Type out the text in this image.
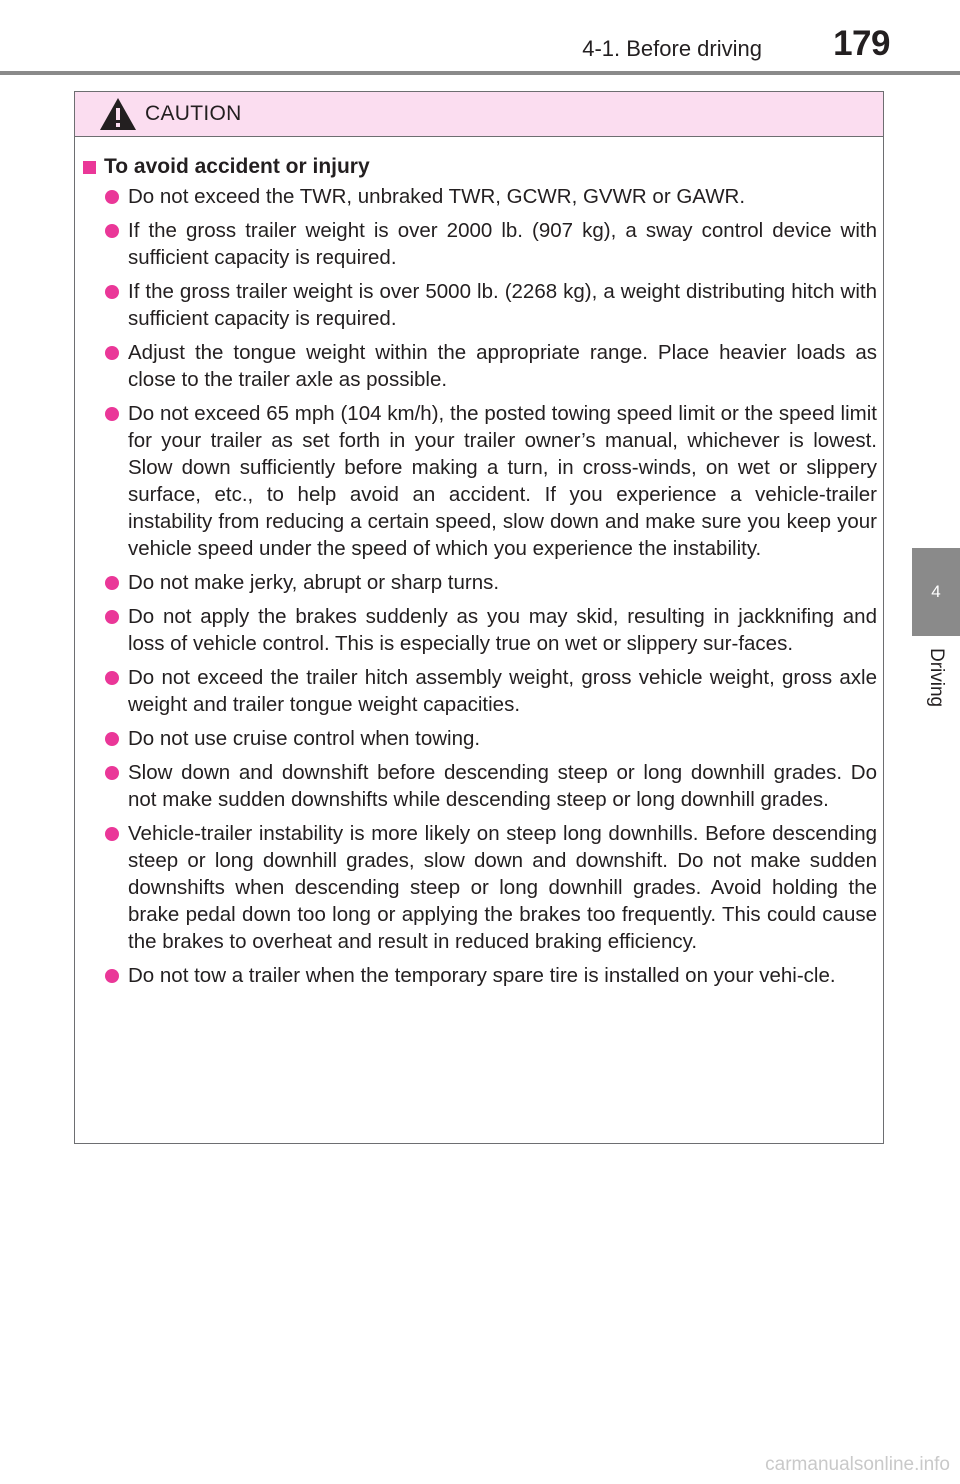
4-1. Before driving 179
4
Driving
CAUTION
To avoid accident or injury
Do not exceed the TWR, unbraked TWR, GCWR, GVWR or GAWR.
If the gross trailer weight is over 2000 lb. (907 kg), a sway control device with sufficient capacity is required.
If the gross trailer weight is over 5000 lb. (2268 kg), a weight distributing hitch with sufficient capacity is required.
Adjust the tongue weight within the appropriate range. Place heavier loads as close to the trailer axle as possible.
Do not exceed 65 mph (104 km/h), the posted towing speed limit or the speed limit for your trailer as set forth in your trailer owner’s manual, whichever is lowest. Slow down sufficiently before making a turn, in cross-winds, on wet or slippery surface, etc., to help avoid an accident. If you experience a vehicle-trailer instability from reducing a certain speed, slow down and make sure you keep your vehicle speed under the speed of which you experience the instability.
Do not make jerky, abrupt or sharp turns.
Do not apply the brakes suddenly as you may skid, resulting in jackknifing and loss of vehicle control. This is especially true on wet or slippery sur-faces.
Do not exceed the trailer hitch assembly weight, gross vehicle weight, gross axle weight and trailer tongue weight capacities.
Do not use cruise control when towing.
Slow down and downshift before descending steep or long downhill grades. Do not make sudden downshifts while descending steep or long downhill grades.
Vehicle-trailer instability is more likely on steep long downhills. Before descending steep or long downhill grades, slow down and downshift. Do not make sudden downshifts when descending steep or long downhill grades. Avoid holding the brake pedal down too long or applying the brakes too frequently. This could cause the brakes to overheat and result in reduced braking efficiency.
Do not tow a trailer when the temporary spare tire is installed on your vehi-cle.
carmanualsonline.info
